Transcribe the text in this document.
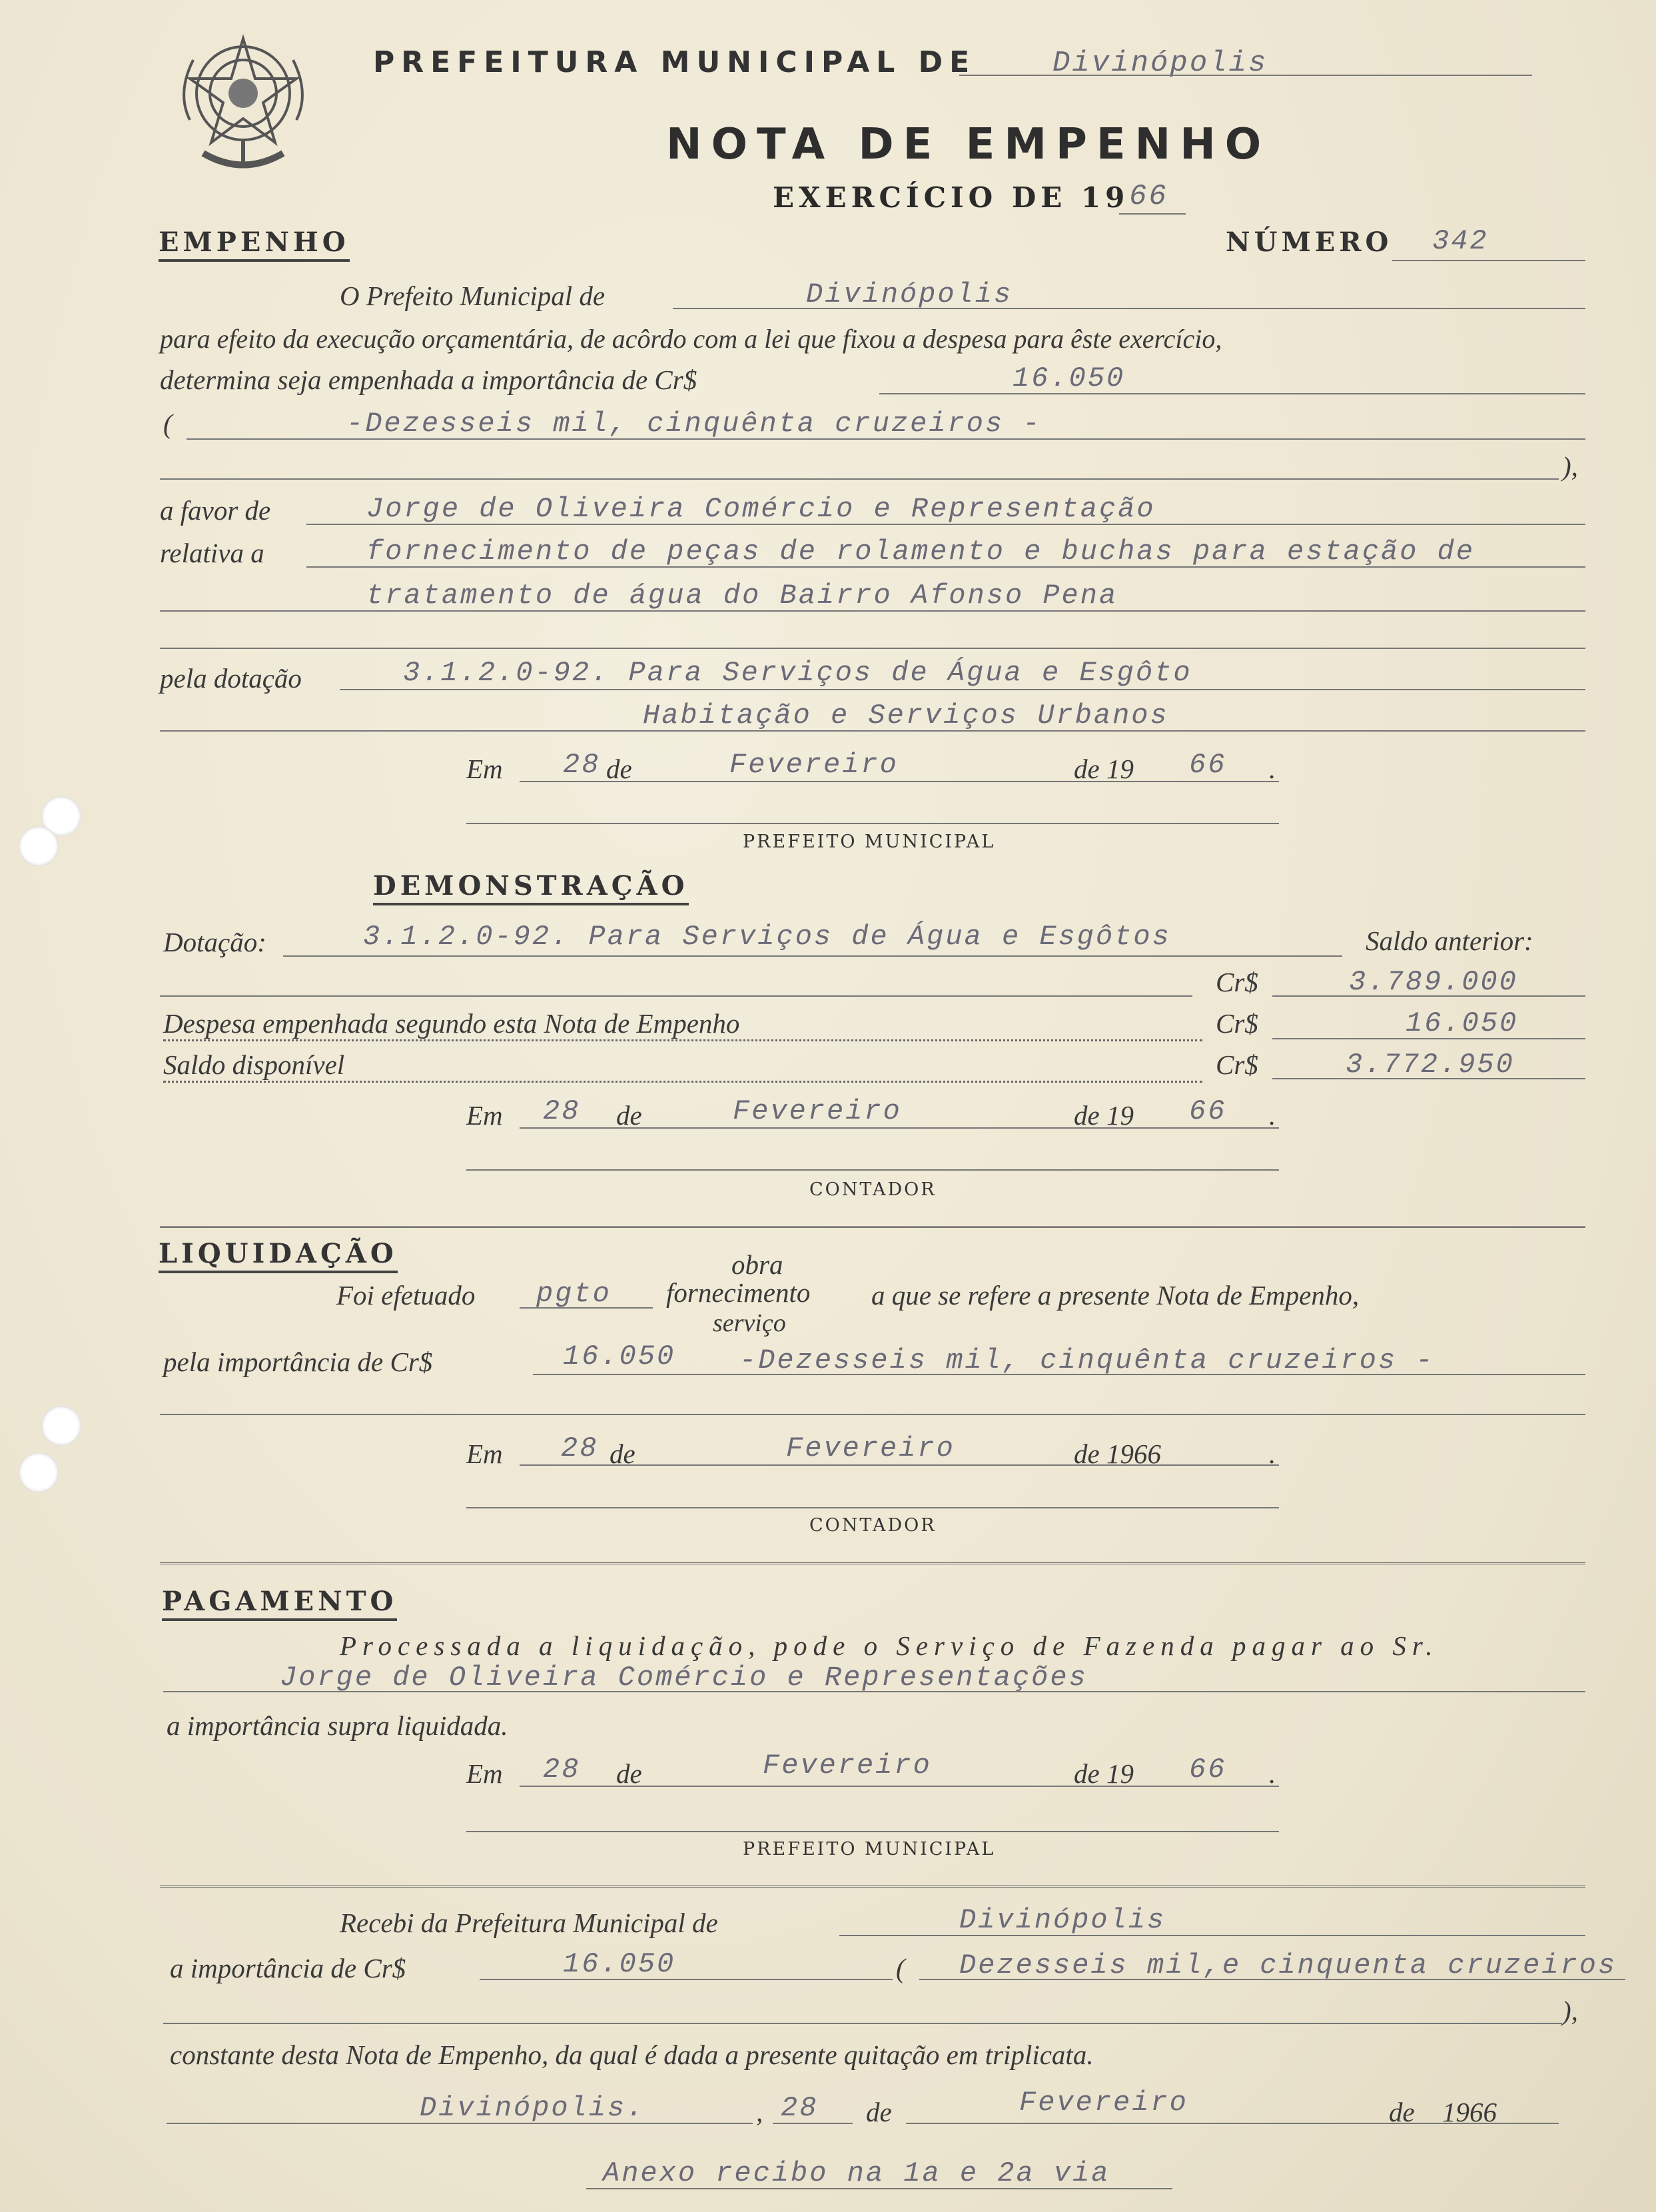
PREFEITURA MUNICIPAL DE	Divinópolis
NOTA DE EMPENHO
EXERCÍCIO DE 19 66
EMPENHO	NÚMERO 342
O Prefeito Municipal de	Divinópolis
para efeito da execução orçamentária, de acôrdo com a lei que fixou a despesa para êste exercício,
determina seja empenhada a importância de Cr$	16.050
(	-Dezesseis mil, cinquênta cruzeiros -
),
a favor de	Jorge de Oliveira Comércio e Representação
relativa a	fornecimento de peças de rolamento e buchas para estação de
tratamento de água do Bairro Afonso Pena
pela dotação	3.1.2.0-92. Para Serviços de Água e Esgôto
Habitação e Serviços Urbanos
Em 28 de	Fevereiro	de 19 66 .
PREFEITO MUNICIPAL
DEMONSTRAÇÃO
Dotação:	3.1.2.0-92. Para Serviços de Água e Esgôtos	Saldo anterior:
Cr$	3.789.000
Despesa empenhada segundo esta Nota de Empenho	Cr$	16.050
Saldo disponível	Cr$	3.772.950
Em 28 de	Fevereiro	de 19 66 .
CONTADOR
LIQUIDAÇÃO	obra
Foi efetuado pgto fornecimento a que se refere a presente Nota de Empenho,
serviço
pela importância de Cr$	16.050 -Dezesseis mil, cinquênta cruzeiros -
Em 28 de	Fevereiro	de 1966	.
CONTADOR
PAGAMENTO
Processada a liquidação, pode o Serviço de Fazenda pagar ao Sr.
Jorge de Oliveira Comércio e Representações
a importância supra liquidada.
Em 28 de	Fevereiro	de 19 66 .
PREFEITO MUNICIPAL
Recebi da Prefeitura Municipal de	Divinópolis
a importância de Cr$	16.050	( Dezesseis mil,e cinquenta cruzeiros
),
constante desta Nota de Empenho, da qual é dada a presente quitação em triplicata.
Divinópolis.	, 28 de	Fevereiro	de 1966
Anexo recibo na 1a e 2a via
